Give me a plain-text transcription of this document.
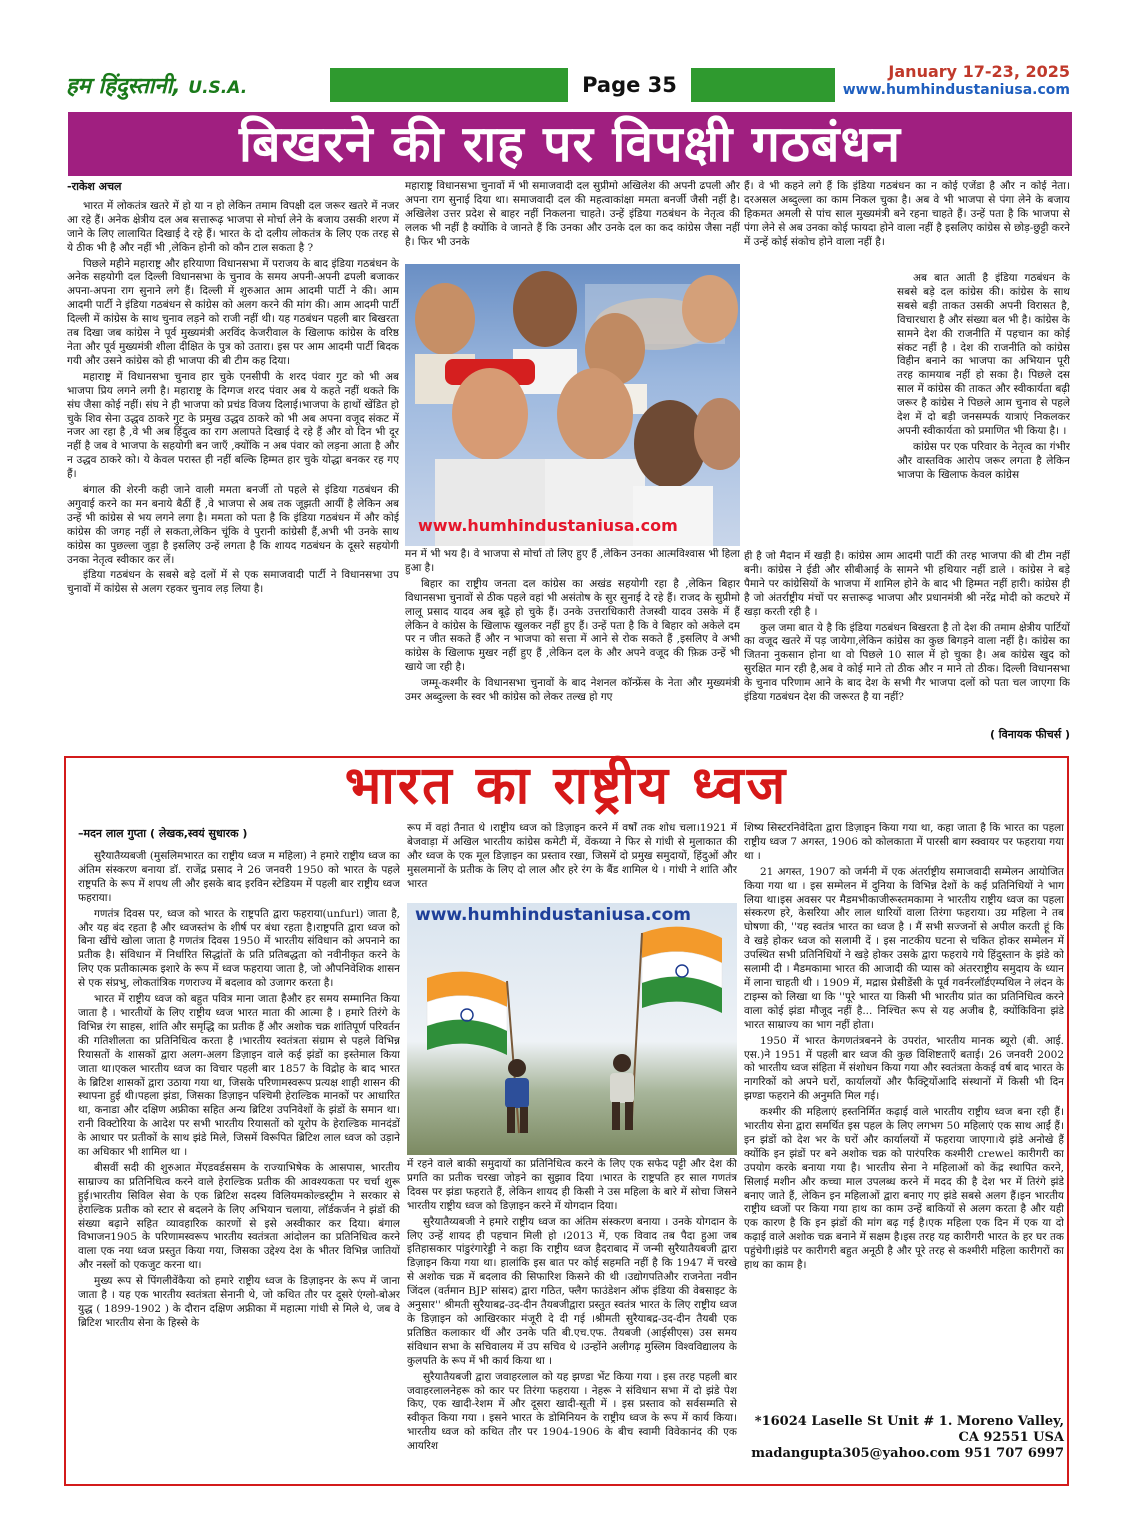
हम हिंदुस्तानी, U.S.A.	Page 35
January 17-23, 2025
www.humhindustaniusa.com
बिखरने की राह पर विपक्षी गठबंधन
-राकेश अचल

भारत में लोकतंत्र खतरे में हो या न हो लेकिन तमाम विपक्षी दल जरूर खतरे में नजर आ रहे हैं। अनेक क्षेत्रीय दल अब सत्तारूढ़ भाजपा से मोर्चा लेने के बजाय उसकी शरण में जाने के लिए लालायित दिखाई दे रहे हैं। भारत के दो दलीय लोकतंत्र के लिए एक तरह से ये ठीक भी है और नहीं भी ,लेकिन होनी को कौन टाल सकता है ?

पिछले महीने महाराष्ट्र और हरियाणा विधानसभा में पराजय के बाद इंडिया गठबंधन के अनेक सहयोगी दल दिल्ली विधानसभा के चुनाव के समय अपनी-अपनी ढपली बजाकर अपना-अपना राग सुनाने लगे हैं। दिल्ली में शुरुआत आम आदमी पार्टी ने की। आम आदमी पार्टी ने इंडिया गठबंधन से कांग्रेस को अलग करने की मांग की। आम आदमी पार्टी दिल्ली में कांग्रेस के साथ चुनाव लड़ने को राजी नहीं थी। यह गठबंधन पहली बार बिखरता तब दिखा जब कांग्रेस ने पूर्व मुख्यमंत्री अरविंद केजरीवाल के खिलाफ कांग्रेस के वरिष्ठ नेता और पूर्व मुख्यमंत्री शीला दीक्षित के पुत्र को उतारा। इस पर आम आदमी पार्टी बिदक गयी और उसने कांग्रेस को ही भाजपा की बी टीम कह दिया।

महाराष्ट्र में विधानसभा चुनाव हार चुके एनसीपी के शरद पंवार गुट को भी अब भाजपा प्रिय लगने लगी है। महाराष्ट्र के दिग्गज शरद पंवार अब ये कहते नहीं थकते कि संघ जैसा कोई नहीं। संघ ने ही भाजपा को प्रचंड विजय दिलाई।भाजपा के हाथों खेंडित हो चुके शिव सेना उद्धव ठाकरे गुट के प्रमुख उद्धव ठाकरे को भी अब अपना वजूद संकट में नजर आ रहा है ,वे भी अब हिंदुत्व का राग अलापते दिखाई दे रहे हैं और वो दिन भी दूर नहीं है जब वे भाजपा के सहयोगी बन जाएँ ,क्योंकि न अब पंवार को लड़ना आता है और न उद्धव ठाकरे को। ये केवल परास्त ही नहीं बल्कि हिम्मत हार चुके योद्धा बनकर रह गए हैं।

बंगाल की शेरनी कही जाने वाली ममता बनर्जी तो पहले से इंडिया गठबंधन की अगुवाई करने का मन बनाये बैठीं हैं ,वे भाजपा से अब तक जूझती आयीं है लेकिन अब उन्हें भी कांग्रेस से भय लगने लगा है। ममता को पता है कि इंडिया गठबंधन में और कोई कांग्रेस की जगह नहीं ले सकता,लेकिन चूंकि वे पुरानी कांग्रेसी हैं,अभी भी उनके साथ कांग्रेस का पुछल्ला जुड़ा है इसलिए उन्हें लगता है कि शायद गठबंधन के दूसरे सहयोगी उनका नेतृत्व स्वीकार कर लें।

इंडिया गठबंधन के सबसे बड़े दलों में से एक समाजवादी पार्टी ने विधानसभा उप चुनावों में कांग्रेस से अलग रहकर चुनाव लड़ लिया है।

महाराष्ट्र विधानसभा चुनावों में भी समाजवादी दल सुप्रीमो अखिलेश की अपनी ढपली और अपना राग सुनाई दिया था। समाजवादी दल की महत्वाकांक्षा ममता बनर्जी जैसी नहीं है। अखिलेश उत्तर प्रदेश से बाहर नहीं निकलना चाहते। उन्हें इंडिया गठबंधन के नेतृत्व की ललक भी नहीं है क्योंकि वे जानते हैं कि उनका और उनके दल का कद कांग्रेस जैसा नहीं है। फिर भी उनके

www.humhindustaniusa.com

मन में भी भय है। वे भाजपा से मोर्चा तो लिए हुए हैं ,लेकिन उनका आत्मविश्वास भी हिला हुआ है।

बिहार का राष्ट्रीय जनता दल कांग्रेस का अखंड सहयोगी रहा है ,लेकिन बिहार विधानसभा चुनावों से ठीक पहले वहां भी असंतोष के सुर सुनाई दे रहे हैं। राजद के सुप्रीमो लालू प्रसाद यादव अब बूढ़े हो चुके हैं। उनके उत्तराधिकारी तेजस्वी यादव उसके में हैं लेकिन वे कांग्रेस के खिलाफ खुलकर नहीं हुए हैं। उन्हें पता है कि वे बिहार को अकेले दम पर न जीत सकते हैं और न भाजपा को सत्ता में आने से रोक सकते हैं ,इसलिए वे अभी कांग्रेस के खिलाफ मुखर नहीं हुए हैं ,लेकिन दल के और अपने वजूद की फ़िक्र उन्हें भी खाये जा रही है।

जम्मू-कश्मीर के विधानसभा चुनावों के बाद नेशनल कॉन्फ्रेंस के नेता और मुख्यमंत्री उमर अब्दुल्ला के स्वर भी कांग्रेस को लेकर तल्ख हो गए

हैं। वे भी कहने लगे हैं कि इंडिया गठबंधन का न कोई एजेंडा है और न कोई नेता। दरअसल अब्दुल्ला का काम निकल चुका है। अब वे भी भाजपा से पंगा लेने के बजाय हिकमत अमली से पांच साल मुख्यमंत्री बने रहना चाहते हैं। उन्हें पता है कि भाजपा से पंगा लेने से अब उनका कोई फायदा होने वाला नहीं है इसलिए कांग्रेस से छोड़-छुट्टी करने में उन्हें कोई संकोच होने वाला नहीं है।

अब बात आती है इंडिया गठबंधन के सबसे बड़े दल कांग्रेस की। कांग्रेस के साथ सबसे बड़ी ताकत उसकी अपनी विरासत है, विचारधारा है और संख्या बल भी है। कांग्रेस के सामने देश की राजनीति में पहचान का कोई संकट नहीं है । देश की राजनीति को कांग्रेस विहीन बनाने का भाजपा का अभियान पूरी तरह कामयाब नहीं हो सका है। पिछले दस साल में कांग्रेस की ताकत और स्वीकार्यता बढ़ी जरूर है कांग्रेस ने पिछले आम चुनाव से पहले देश में दो बड़ी जनसम्पर्क यात्राएं निकलकर अपनी स्वीकार्यता को प्रमाणित भी किया है। ।

कांग्रेस पर एक परिवार के नेतृत्व का गंभीर और वास्तविक आरोप जरूर लगता है लेकिन भाजपा के खिलाफ केवल कांग्रेस

ही है जो मैदान में खड़ी है। कांग्रेस आम आदमी पार्टी की तरह भाजपा की बी टीम नहीं बनी। कांग्रेस ने ईडी और सीबीआई के सामने भी हथियार नहीं डाले । कांग्रेस ने बड़े पैमाने पर कांग्रेसियों के भाजपा में शामिल होने के बाद भी हिम्मत नहीं हारी। कांग्रेस ही है जो अंतर्राष्ट्रीय मंचों पर सत्तारूढ़ भाजपा और प्रधानमंत्री श्री नरेंद्र मोदी को कटघरे में खड़ा करती रही है ।

कुल जमा बात ये है कि इंडिया गठबंधन बिखरता है तो देश की तमाम क्षेत्रीय पार्टियों का वजूद खतरे में पड़ जायेगा,लेकिन कांग्रेस का कुछ बिगड़ने वाला नहीं है। कांग्रेस का जितना नुकसान होना था वो पिछले 10 साल में हो चुका है। अब कांग्रेस खुद को सुरक्षित मान रही है,अब वे कोई माने तो ठीक और न माने तो ठीक। दिल्ली विधानसभा के चुनाव परिणाम आने के बाद देश के सभी गैर भाजपा दलों को पता चल जाएगा कि इंडिया गठबंधन देश की जरूरत है या नहीं?

( विनायक फीचर्स )
भारत का राष्ट्रीय ध्वज
–मदन लाल गुप्ता ( लेखक,स्वयं सुधारक )

सुरैयातैय्यबजी (मुसलिमभारत का राष्ट्रीय ध्वज म महिला) ने हमारे राष्ट्रीय ध्वज का अंतिम संस्करण बनाया डॉ. राजेंद्र प्रसाद ने 26 जनवरी 1950 को भारत के पहले राष्ट्रपति के रूप में शपथ ली और इसके बाद इरविन स्टेडियम में पहली बार राष्ट्रीय ध्वज फहराया।

गणतंत्र दिवस पर, ध्वज को भारत के राष्ट्रपति द्वारा फहराया(unfurl) जाता है, और यह बंद रहता है और ध्वजस्तंभ के शीर्ष पर बंधा रहता है।राष्ट्रपति द्वारा ध्वज को बिना खींचे खोला जाता है गणतंत्र दिवस 1950 में भारतीय संविधान को अपनाने का प्रतीक है। संविधान में निर्धारित सिद्धांतों के प्रति प्रतिबद्धता को नवीनीकृत करने के लिए एक प्रतीकात्मक इशारे के रूप में ध्वज फहराया जाता है, जो औपनिवेशिक शासन से एक संप्रभु, लोकतांत्रिक गणराज्य में बदलाव को उजागर करता है।

भारत में राष्ट्रीय ध्वज को बहुत पवित्र माना जाता हैऔर हर समय सम्मानित किया जाता है । भारतीयों के लिए राष्ट्रीय ध्वज भारत माता की आत्मा है । हमारे तिरंगे के विभिन्न रंग साहस, शांति और समृद्धि का प्रतीक हैं और अशोक चक्र शांतिपूर्ण परिवर्तन की गतिशीलता का प्रतिनिधित्व करता है ।भारतीय स्वतंत्रता संग्राम से पहले विभिन्न रियासतों के शासकों द्वारा अलग-अलग डिज़ाइन वाले कई झंडों का इस्तेमाल किया जाता था।एकल भारतीय ध्वज का विचार पहली बार 1857 के विद्रोह के बाद भारत के ब्रिटिश शासकों द्वारा उठाया गया था, जिसके परिणामस्वरूप प्रत्यक्ष शाही शासन की स्थापना हुई थी।पहला झंडा, जिसका डिज़ाइन पश्चिमी हेराल्डिक मानकों पर आधारित था, कनाडा और दक्षिण अफ्रीका सहित अन्य ब्रिटिश उपनिवेशों के झंडों के समान था।रानी विक्टोरिया के आदेश पर सभी भारतीय रियासतों को यूरोप के हेराल्डिक मानदंडों के आधार पर प्रतीकों के साथ झंडे मिले, जिसमें विरूपित ब्रिटिश लाल ध्वज को उड़ाने का अधिकार भी शामिल था ।

बीसवीं सदी की शुरुआत मेंएडवर्डससम के राज्याभिषेक के आसपास, भारतीय साम्राज्य का प्रतिनिधित्व करने वाले हेराल्डिक प्रतीक की आवश्यकता पर चर्चा शुरू हुई।भारतीय सिविल सेवा के एक ब्रिटिश सदस्य विलियमकोल्डस्ट्रीम ने सरकार से हेराल्डिक प्रतीक को स्टार से बदलने के लिए अभियान चलाया, लॉर्डकर्जन ने झंडों की संख्या बढ़ाने सहित व्यावहारिक कारणों से इसे अस्वीकार कर दिया। बंगाल विभाजन1905 के परिणामस्वरूप भारतीय स्वतंत्रता आंदोलन का प्रतिनिधित्व करने वाला एक नया ध्वज प्रस्तुत किया गया, जिसका उद्देश्य देश के भीतर विभिन्न जातियों और नस्लों को एकजुट करना था।

मुख्य रूप से पिंगलीवेंकैया को हमारे राष्ट्रीय ध्वज के डिज़ाइनर के रूप में जाना जाता है । यह एक भारतीय स्वतंत्रता सेनानी थे, जो कथित तौर पर दूसरे एंग्लो-बोअर युद्ध ( 1899-1902 ) के दौरान दक्षिण अफ्रीका में महात्मा गांधी से मिले थे, जब वे ब्रिटिश भारतीय सेना के हिस्से के

रूप में वहां तैनात थे ।राष्ट्रीय ध्वज को डिज़ाइन करने में वर्षों तक शोध चला।1921 में बेजवाड़ा में अखिल भारतीय कांग्रेस कमेटी में, वेंकय्या ने फिर से गांधी से मुलाकात की और ध्वज के एक मूल डिज़ाइन का प्रस्ताव रखा, जिसमें दो प्रमुख समुदायों, हिंदुओं और मुसलमानों के प्रतीक के लिए दो लाल और हरे रंग के बैंड शामिल थे । गांधी ने शांति और भारत

www.humhindustaniusa.com

में रहने वाले बाकी समुदायों का प्रतिनिधित्व करने के लिए एक सफेद पट्टी और देश की प्रगति का प्रतीक चरखा जोड़ने का सुझाव दिया ।भारत के राष्ट्रपति हर साल गणतंत्र दिवस पर झंडा फहराते हैं, लेकिन शायद ही किसी ने उस महिला के बारे में सोचा जिसने भारतीय राष्ट्रीय ध्वज को डिज़ाइन करने में योगदान दिया।

सुरैयातैय्यबजी ने हमारे राष्ट्रीय ध्वज का अंतिम संस्करण बनाया । उनके योगदान के लिए उन्हें शायद ही पहचान मिली हो ।2013 में, एक विवाद तब पैदा हुआ जब इतिहासकार पांडुरंगारेड्डी ने कहा कि राष्ट्रीय ध्वज हैदराबाद में जन्मी सुरैयातैयबजी द्वारा डिज़ाइन किया गया था। हालांकि इस बात पर कोई सहमति नहीं है कि 1947 में चरखे से अशोक चक्र में बदलाव की सिफारिश किसने की थी ।उद्योगपतिऔर राजनेता नवीन जिंदल (वर्तमान BJP सांसद) द्वारा गठित, फ्लैग फाउंडेशन ऑफ इंडिया की वेबसाइट के अनुसार'' श्रीमती सुरैयाबद्र-उद-दीन तैयबजीद्वारा प्रस्तुत स्वतंत्र भारत के लिए राष्ट्रीय ध्वज के डिज़ाइन को आखिरकार मंजूरी दे दी गई ।श्रीमती सुरैयाबद्र-उद-दीन तैयबी एक प्रतिष्ठित कलाकार थीं और उनके पति बी.एच.एफ. तैयबजी (आईसीएस) उस समय संविधान सभा के सचिवालय में उप सचिव थे ।उन्होंने अलीगढ़ मुस्लिम विश्वविद्यालय के कुलपति के रूप में भी कार्य किया था ।

सुरैयातैयबजी द्वारा जवाहरलाल को यह झण्डा भेंट किया गया । इस तरह पहली बार जवाहरलालनेहरू को कार पर तिरंगा फहराया । नेहरू ने संविधान सभा में दो झंडे पेश किए, एक खादी-रेशम में और दूसरा खादी-सूती में । इस प्रस्ताव को सर्वसम्मति से स्वीकृत किया गया । इसने भारत के डोमिनियन के राष्ट्रीय ध्वज के रूप में कार्य किया। भारतीय ध्वज को कथित तौर पर 1904-1906 के बीच स्वामी विवेकानंद की एक आयरिश

शिष्य सिस्टरनिवेदिता द्वारा डिज़ाइन किया गया था, कहा जाता है कि भारत का पहला राष्ट्रीय ध्वज 7 अगस्त, 1906 को कोलकाता में पारसी बाग स्क्वायर पर फहराया गया था ।

21 अगस्त, 1907 को जर्मनी में एक अंतर्राष्ट्रीय समाजवादी सम्मेलन आयोजित किया गया था । इस सम्मेलन में दुनिया के विभिन्न देशों के कई प्रतिनिधियों ने भाग लिया था।इस अवसर पर मैडमभीकाजीरूस्तमकामा ने भारतीय राष्ट्रीय ध्वज का पहला संस्करण हरे, केसरिया और लाल धारियों वाला तिरंगा फहराया। उग्र महिला ने तब घोषणा की, ''यह स्वतंत्र भारत का ध्वज है । मैं सभी सज्जनों से अपील करती हूं कि वे खड़े होकर ध्वज को सलामी दें । इस नाटकीय घटना से चकित होकर सम्मेलन में उपस्थित सभी प्रतिनिधियों ने खड़े होकर उसके द्वारा फहराये गये हिंदुस्तान के झंडे को सलामी दी । मैडमकामा भारत की आजादी की प्यास को अंतरराष्ट्रीय समुदाय के ध्यान में लाना चाहती थी । 1909 में, मद्रास प्रेसीडेंसी के पूर्व गवर्नरलॉर्डएम्पथिल ने लंदन के टाइम्स को लिखा था कि ''पूरे भारत या किसी भी भारतीय प्रांत का प्रतिनिधित्व करने वाला कोई झंडा मौजूद नहीं है... निश्चित रूप से यह अजीब है, क्योंकिविना झंडे भारत साम्राज्य का भाग नहीं होता।

1950 में भारत केगणतंत्रबनने के उपरांत, भारतीय मानक ब्यूरो (बी. आई. एस.)ने 1951 में पहली बार ध्वज की कुछ विशिष्टताएँ बताई। 26 जनवरी 2002 को भारतीय ध्वज संहिता में संशोधन किया गया और स्वतंत्रता केकई वर्ष बाद भारत के नागरिकों को अपने घरों, कार्यालयों और फैक्ट्रियोंआदि संस्थानों में किसी भी दिन झण्डा फहराने की अनुमति मिल गई।

कश्मीर की महिलाएं हस्तनिर्मित कढ़ाई वाले भारतीय राष्ट्रीय ध्वज बना रही हैं।भारतीय सेना द्वारा समर्थित इस पहल के लिए लगभग 50 महिलाएं एक साथ आईं हैं। इन झंडों को देश भर के घरों और कार्यालयों में फहराया जाएगा।ये झंडे अनोखे हैं क्योंकि इन झंडों पर बने अशोक चक्र को पारंपरिक कश्मीरी crewel कारीगरी का उपयोग करके बनाया गया है। भारतीय सेना ने महिलाओं को केंद्र स्थापित करने, सिलाई मशीन और कच्चा माल उपलब्ध करने में मदद की है देश भर में तिरंगे झंडे बनाए जाते हैं, लेकिन इन महिलाओं द्वारा बनाए गए झंडे सबसे अलग हैं।इन भारतीय राष्ट्रीय ध्वजों पर किया गया हाथ का काम उन्हें बाकियों से अलग करता है और यही एक कारण है कि इन झंडों की मांग बढ़ गई है।एक महिला एक दिन में एक या दो कढ़ाई वाले अशोक चक्र बनाने में सक्षम है।इस तरह यह कारीगरी भारत के हर घर तक पहुंचेगी।झंडे पर कारीगरी बहुत अनूठी है और पूरे तरह से कश्मीरी महिला कारीगरों का हाथ का काम है।

*16024 Laselle St Unit # 1. Moreno Valley,
CA 92551 USA
madangupta305@yahoo.com 951 707 6997
